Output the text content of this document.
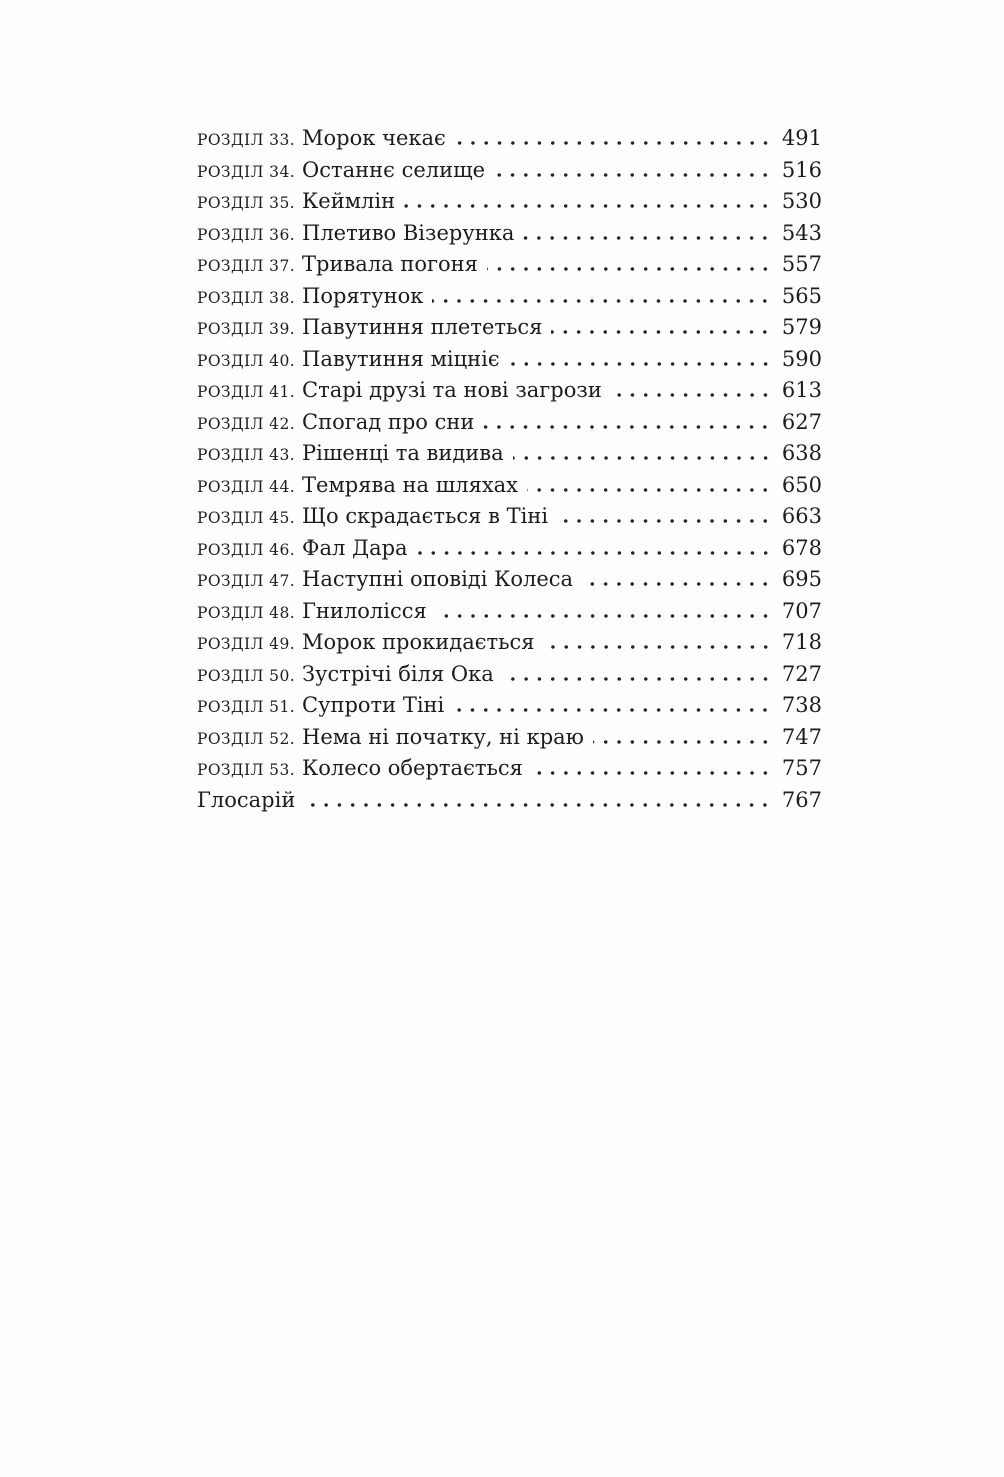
РОЗДІЛ 33. Морок чекає	491
РОЗДІЛ 34. Останнє селище	516
РОЗДІЛ 35. Кеймлін	530
РОЗДІЛ 36. Плетиво Візерунка	543
РОЗДІЛ 37. Тривала погоня	557
РОЗДІЛ 38. Порятунок	565
РОЗДІЛ 39. Павутиння плететься	579
РОЗДІЛ 40. Павутиння міцніє	590
РОЗДІЛ 41. Старі друзі та нові загрози	613
РОЗДІЛ 42. Спогад про сни	627
РОЗДІЛ 43. Рішенці та видива	638
РОЗДІЛ 44. Темрява на шляхах	650
РОЗДІЛ 45. Що скрадається в Тіні	663
РОЗДІЛ 46. Фал Дара	678
РОЗДІЛ 47. Наступні оповіді Колеса	695
РОЗДІЛ 48. Гнилолісся	707
РОЗДІЛ 49. Морок прокидається	718
РОЗДІЛ 50. Зустрічі біля Ока	727
РОЗДІЛ 51. Супроти Тіні	738
РОЗДІЛ 52. Нема ні початку, ні краю	747
РОЗДІЛ 53. Колесо обертається	757
Глосарій	767
